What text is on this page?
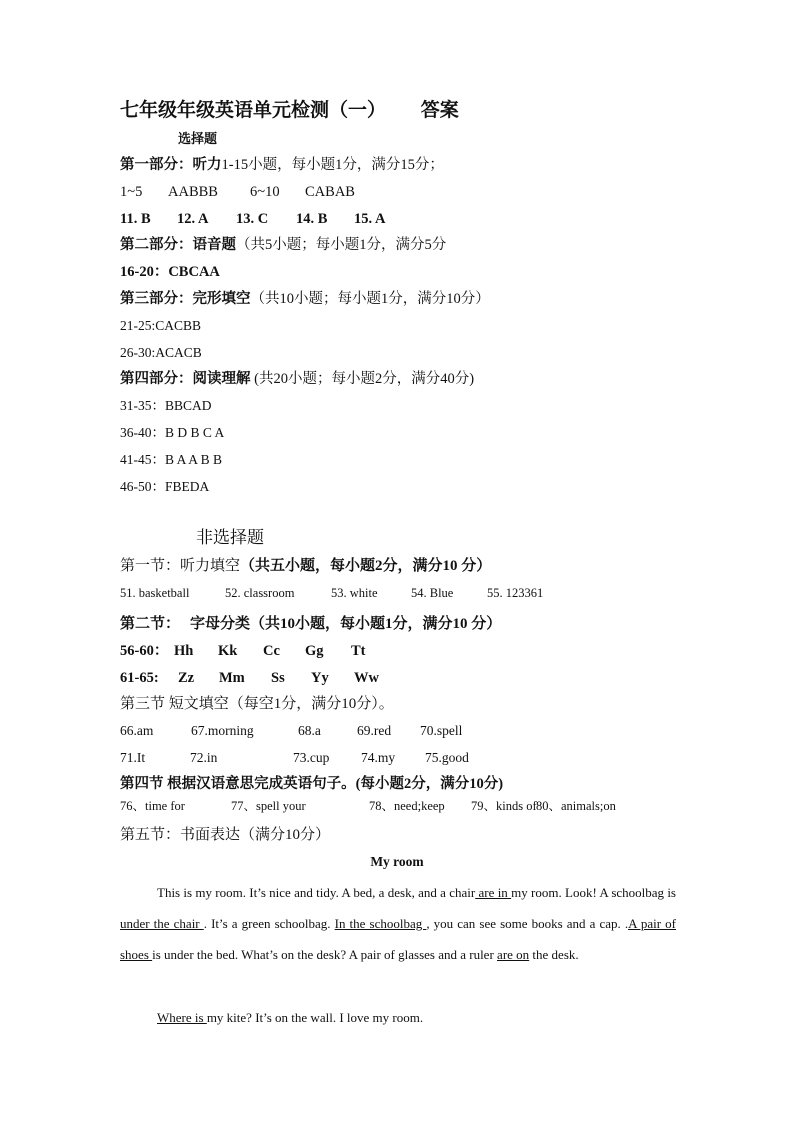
七年级年级英语单元检测（一） 答案
选择题
第一部分：听力1-15小题，每小题1分，满分15分；
1~5 AABBB 6~10 CABAB
11. B 12. A 13. C 14. B 15. A
第二部分：语音题（共5小题；每小题1分，满分5分
16-20：CBCAA
第三部分：完形填空（共10小题；每小题1分，满分10分）
21-25:CACBB
26-30:ACACB
第四部分：阅读理解 (共20小题；每小题2分，满分40分)
31-35：BBCAD
36-40：B D B C A
41-45：B A A B B
46-50：FBEDA
非选择题
第一节：听力填空（共五小题，每小题2分，满分10 分）
51. basketball	52. classroom	53. white	54. Blue	55. 123361
第二节： 字母分类（共10小题，每小题1分，满分10 分）
56-60： Hh Kk Cc Gg Tt
61-65: Zz Mm Ss Yy Ww
第三节 短文填空（每空1分，满分10分）。
66.am	67.morning	68.a	69.red 70.spell
71.It	72.in	73.cup 74.my 75.good
第四节 根据汉语意思完成英语句子。(每小题2分，满分10分)
76、time for	77、spell your	78、need;keep 79、kinds of80、animals;on
第五节：书面表达（满分10分）
My room
This is my room. It’s nice and tidy. A bed, a desk, and a chair are in my room. Look! A schoolbag is under the chair . It’s a green schoolbag. In the schoolbag , you can see some books and a cap. .A pair of shoes is under the bed. What’s on the desk? A pair of glasses and a ruler are on the desk.
Where is my kite? It’s on the wall. I love my room.
